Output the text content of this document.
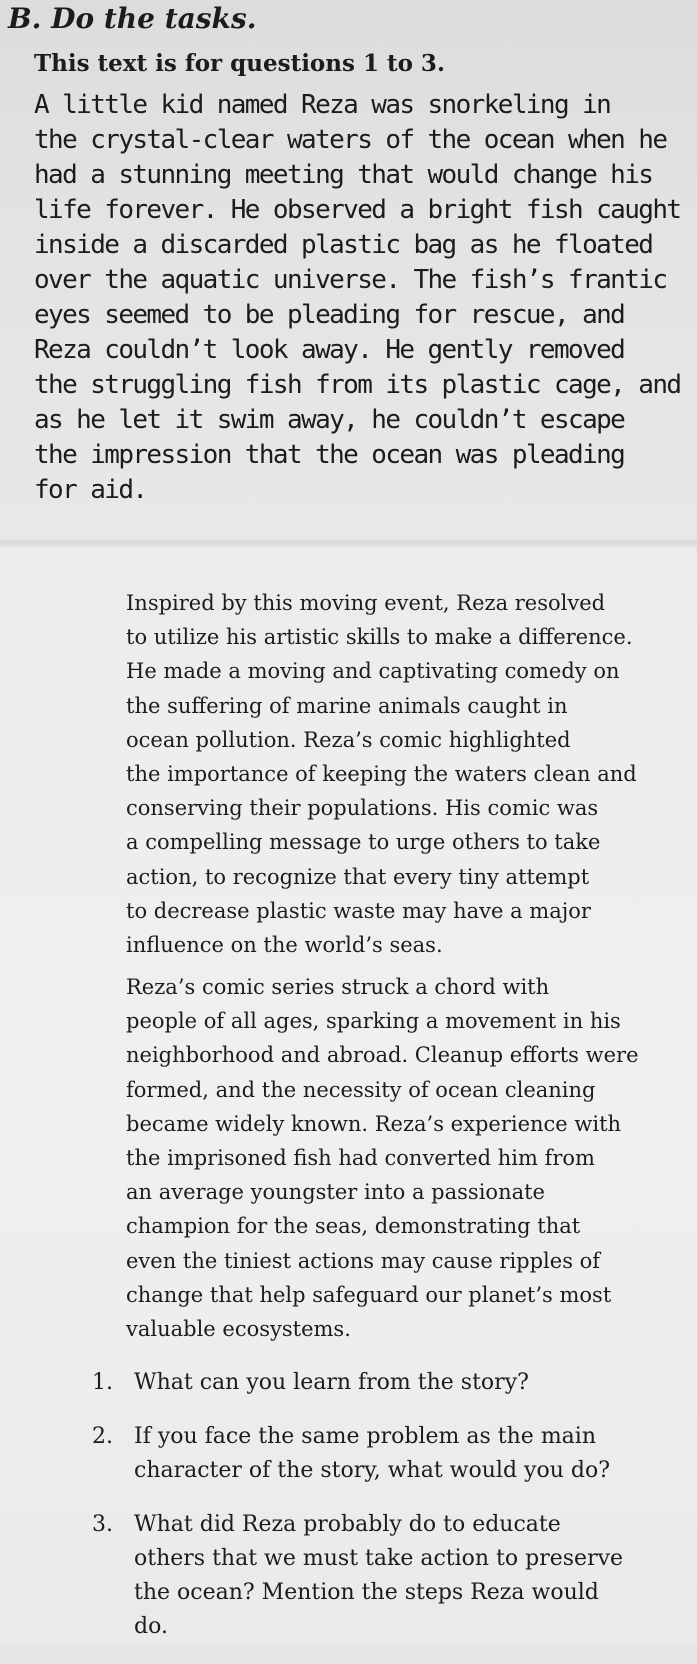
B. Do the tasks.
This text is for questions 1 to 3.

A little kid named Reza was snorkeling in
the crystal-clear waters of the ocean when he
had a stunning meeting that would change his
life forever. He observed a bright fish caught
inside a discarded plastic bag as he floated
over the aquatic universe. The fish’s frantic
eyes seemed to be pleading for rescue, and
Reza couldn’t look away. He gently removed
the struggling fish from its plastic cage, and
as he let it swim away, he couldn’t escape
the impression that the ocean was pleading
for aid.

Inspired by this moving event, Reza resolved
to utilize his artistic skills to make a difference.
He made a moving and captivating comedy on
the suffering of marine animals caught in
ocean pollution. Reza’s comic highlighted
the importance of keeping the waters clean and
conserving their populations. His comic was
a compelling message to urge others to take
action, to recognize that every tiny attempt
to decrease plastic waste may have a major
influence on the world’s seas.

Reza’s comic series struck a chord with
people of all ages, sparking a movement in his
neighborhood and abroad. Cleanup efforts were
formed, and the necessity of ocean cleaning
became widely known. Reza’s experience with
the imprisoned fish had converted him from
an average youngster into a passionate
champion for the seas, demonstrating that
even the tiniest actions may cause ripples of
change that help safeguard our planet’s most
valuable ecosystems.

1. What can you learn from the story?
2. If you face the same problem as the main
character of the story, what would you do?
3. What did Reza probably do to educate
others that we must take action to preserve
the ocean? Mention the steps Reza would
do.
